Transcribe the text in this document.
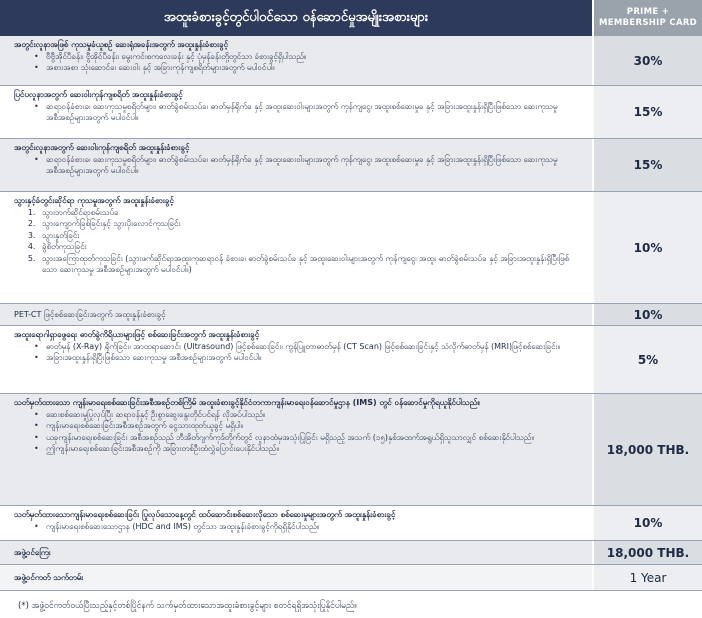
အထူးခံစားခွင့်တွင်ပါဝင်သော ဝန်ဆောင်မှုအမျိုးအစားများ	PRIME +
MEMBERSHIP CARD
အတွင်းလူနာအဖြစ် ကုသမှုခံယူစဉ် ဆေးရုံအခန်းအတွက် အထူးနှုန်းခံစားခွင့်
• ဗီဗွီအိုင်ပီခန်း၊ ဗွီအိုင်ပီခန်း၊ မွေးကင်းစကလေးခန်း နှင့် ပုံမှန်ခန်းတို့တွင်သာ ခံစားခွင့်ရှိပါသည်။
• အစားအစာ သုံးဆောင်ခ၊ ဆေးဝါး နှင့် အခြားကုန်ကျစရိတ်များအတွက် မပါဝင်ပါ။	30%
ပြင်ပလူနာအတွက် ဆေးဝါးကုန်ကျစရိတ် အထူးနှုန်းခံစားခွင့်
• ဆရာဝန်ခံစားခ၊ ဆေးကုသမှုစရိတ်များ၊ ဓာတ်ခွဲစမ်းသပ်ခ၊ ဓာတ်မှန်ရိုက်ခ နှင့် အထူးဆေးဝါးများအတွက် ကုန်ကျငွေ၊ အထူးစစ်ဆေးမှုခ နှင့် အခြားအထူးနှုန်းရှိပြီးဖြစ်သော ဆေးကုသမှုအစီအစဉ်များအတွက် မပါဝင်ပါ။	15%
အတွင်းလူနာအတွက် ဆေးဝါးကုန်ကျစရိတ် အထူးနှုန်းခံစားခွင့်
• ဆရာဝန်ခံစားခ၊ ဆေးကုသမှုစရိတ်များ၊ ဓာတ်ခွဲစမ်းသပ်ခ၊ ဓာတ်မှန်ရိုက်ခ နှင့် အထူးဆေးဝါးများအတွက် ကုန်ကျငွေ၊ အထူးစစ်ဆေးမှုခ နှင့် အခြားအထူးနှုန်းရှိပြီးဖြစ်သော ဆေးကုသမှု အစီအစဉ်များအတွက် မပါဝင်ပါ။	15%
သွားနှင့်ခံတွင်းဆိုင်ရာ ကုသမှုအတွက် အထူးနှုန်းခံစားခွင့်
1. သွားဘက်ဆိုင်ရာစမ်းသပ်ခ
2. သွားကျောက်ခြစ်ခြင်းနှင့် သွားပိုးလောင်ကုသခြင်း
3. သွားနှုတ်ခြင်း
4. ခွဲစိတ်ကုသခြင်း
5. သွားအကြောထုတ်ကုသခြင်း (သွားဖက်ဆိုင်ရာအထူးကုဆရာဝန် ခံစားခ၊ ဓာတ်ခွဲစမ်းသပ်ခ နှင့် အထူးဆေးဝါးများအတွက် ကုန်ကျငွေ၊ အထူး ဓာတ်ခွဲစမ်းသပ်ခ နှင့် အခြားအထူးနှုန်းရှိပြီးဖြစ်သော ဆေးကုသမှု အစီအစဉ်များအတွက် မပါဝင်ပါ။)
10%
PET-CT ဖြင့်စစ်ဆေးခြင်းအတွက် အထူးနှုန်းခံစားခွင့်	10%
အထူးရောဂါရှာဖွေရေး ဓာတ်ခွဲကိရိယာများဖြင့် စစ်ဆေးခြင်းအတွက် အထူးနှုန်းခံစားခွင့်
• ဓာတ်မှန် (X-Ray) ရိုက်ခြင်း၊ အာထရာဆောင်း (Ultrasound) ဖြင့်စစ်ဆေးခြင်း၊ ကွန်ပြူတာဓာတ်မှန် (CT Scan) ဖြင့်စစ်ဆေးခြင်းနှင့် သံလိုက်ဓာတ်မှန် (MRI)ဖြင့်စစ်ဆေးခြင်း။
• အခြားအထူးနှုန်းရှိပြီးဖြစ်သော ဆေးကုသမှု အစီအစဉ်များအတွက် မပါဝင်ပါ။	5%
သတ်မှတ်ထားသော ကျန်းမာရေးစစ်ဆေးခြင်းအစီအစဉ်တစ်ကြိမ် အထူးခံစားခွင့်နိုင်ငံတကာကျန်းမာရေးဝန်ဆောင်မှုဌာန (IMS) တွင် ဝန်ဆောင်မှုကိုရယူနိုင်ပါသည်။
• ဆေးစစ်ဆေးမှုပြုလုပ်ပြီး ဆရာဝန်နှင့် ဦးစွာဆွေးနွေးတိုင်ပင်ရန် လိုအပ်ပါသည်။
• ကျန်းမာရေးစစ်ဆေးခြင်းအစီအစဉ်အတွက် ငွေသားထုတ်ယူခွင့် မရှိပါ။
• ယခုကျန်းမာရေးစစ်ဆေးခြင်း အစီအစဉ်သည် ဘီအိတ်ဂျက်ကုဒ်တိုက်တွင် လူနာထံမှအသုံးပြုခြင်း မရှိသည့် အသက် (၁၅)နှစ်အထက်အရွယ်ရှိသူသာလျှင် စစ်ဆေးနိုင်ပါသည်။
• ဤကျန်းမာရေးစစ်ဆေးခြင်းအစီအစဉ်ကို အခြားတစ်ဦးထံလွှဲပြောင်းပေးနိုင်ပါသည်။	18,000 THB.
သတ်မှတ်ထားသောကျန်းမာရေးစစ်ဆေးခြင်း ပြုလုပ်သောနေ့တွင် ထပ်ဆောင်းစစ်ဆေးလိုသော စစ်ဆေးမှုများအတွက် အထူးနှုန်းခံစားခွင့်
• ကျန်းမာရေးစစ်ဆေးသောဌာန (HDC and IMS) တွင်သာ အထူးနှုန်းခံစားခွင့်ကိုရရှိနိုင်ပါသည်။	10%
အဖွဲ့ဝင်ကြေး	18,000 THB.
အဖွဲ့ဝင်ကတ် သက်တမ်း	1 Year
(*) အဖွဲ့ဝင်ကတ်ဝယ်ပြီးသည့်နှင့်တစ်ပြိုင်နက် သက်မှတ်ထားသောအထူးခံစားခွင့်များ စတင်ရရှိအသုံးပြုနိုင်ပါမည်။
